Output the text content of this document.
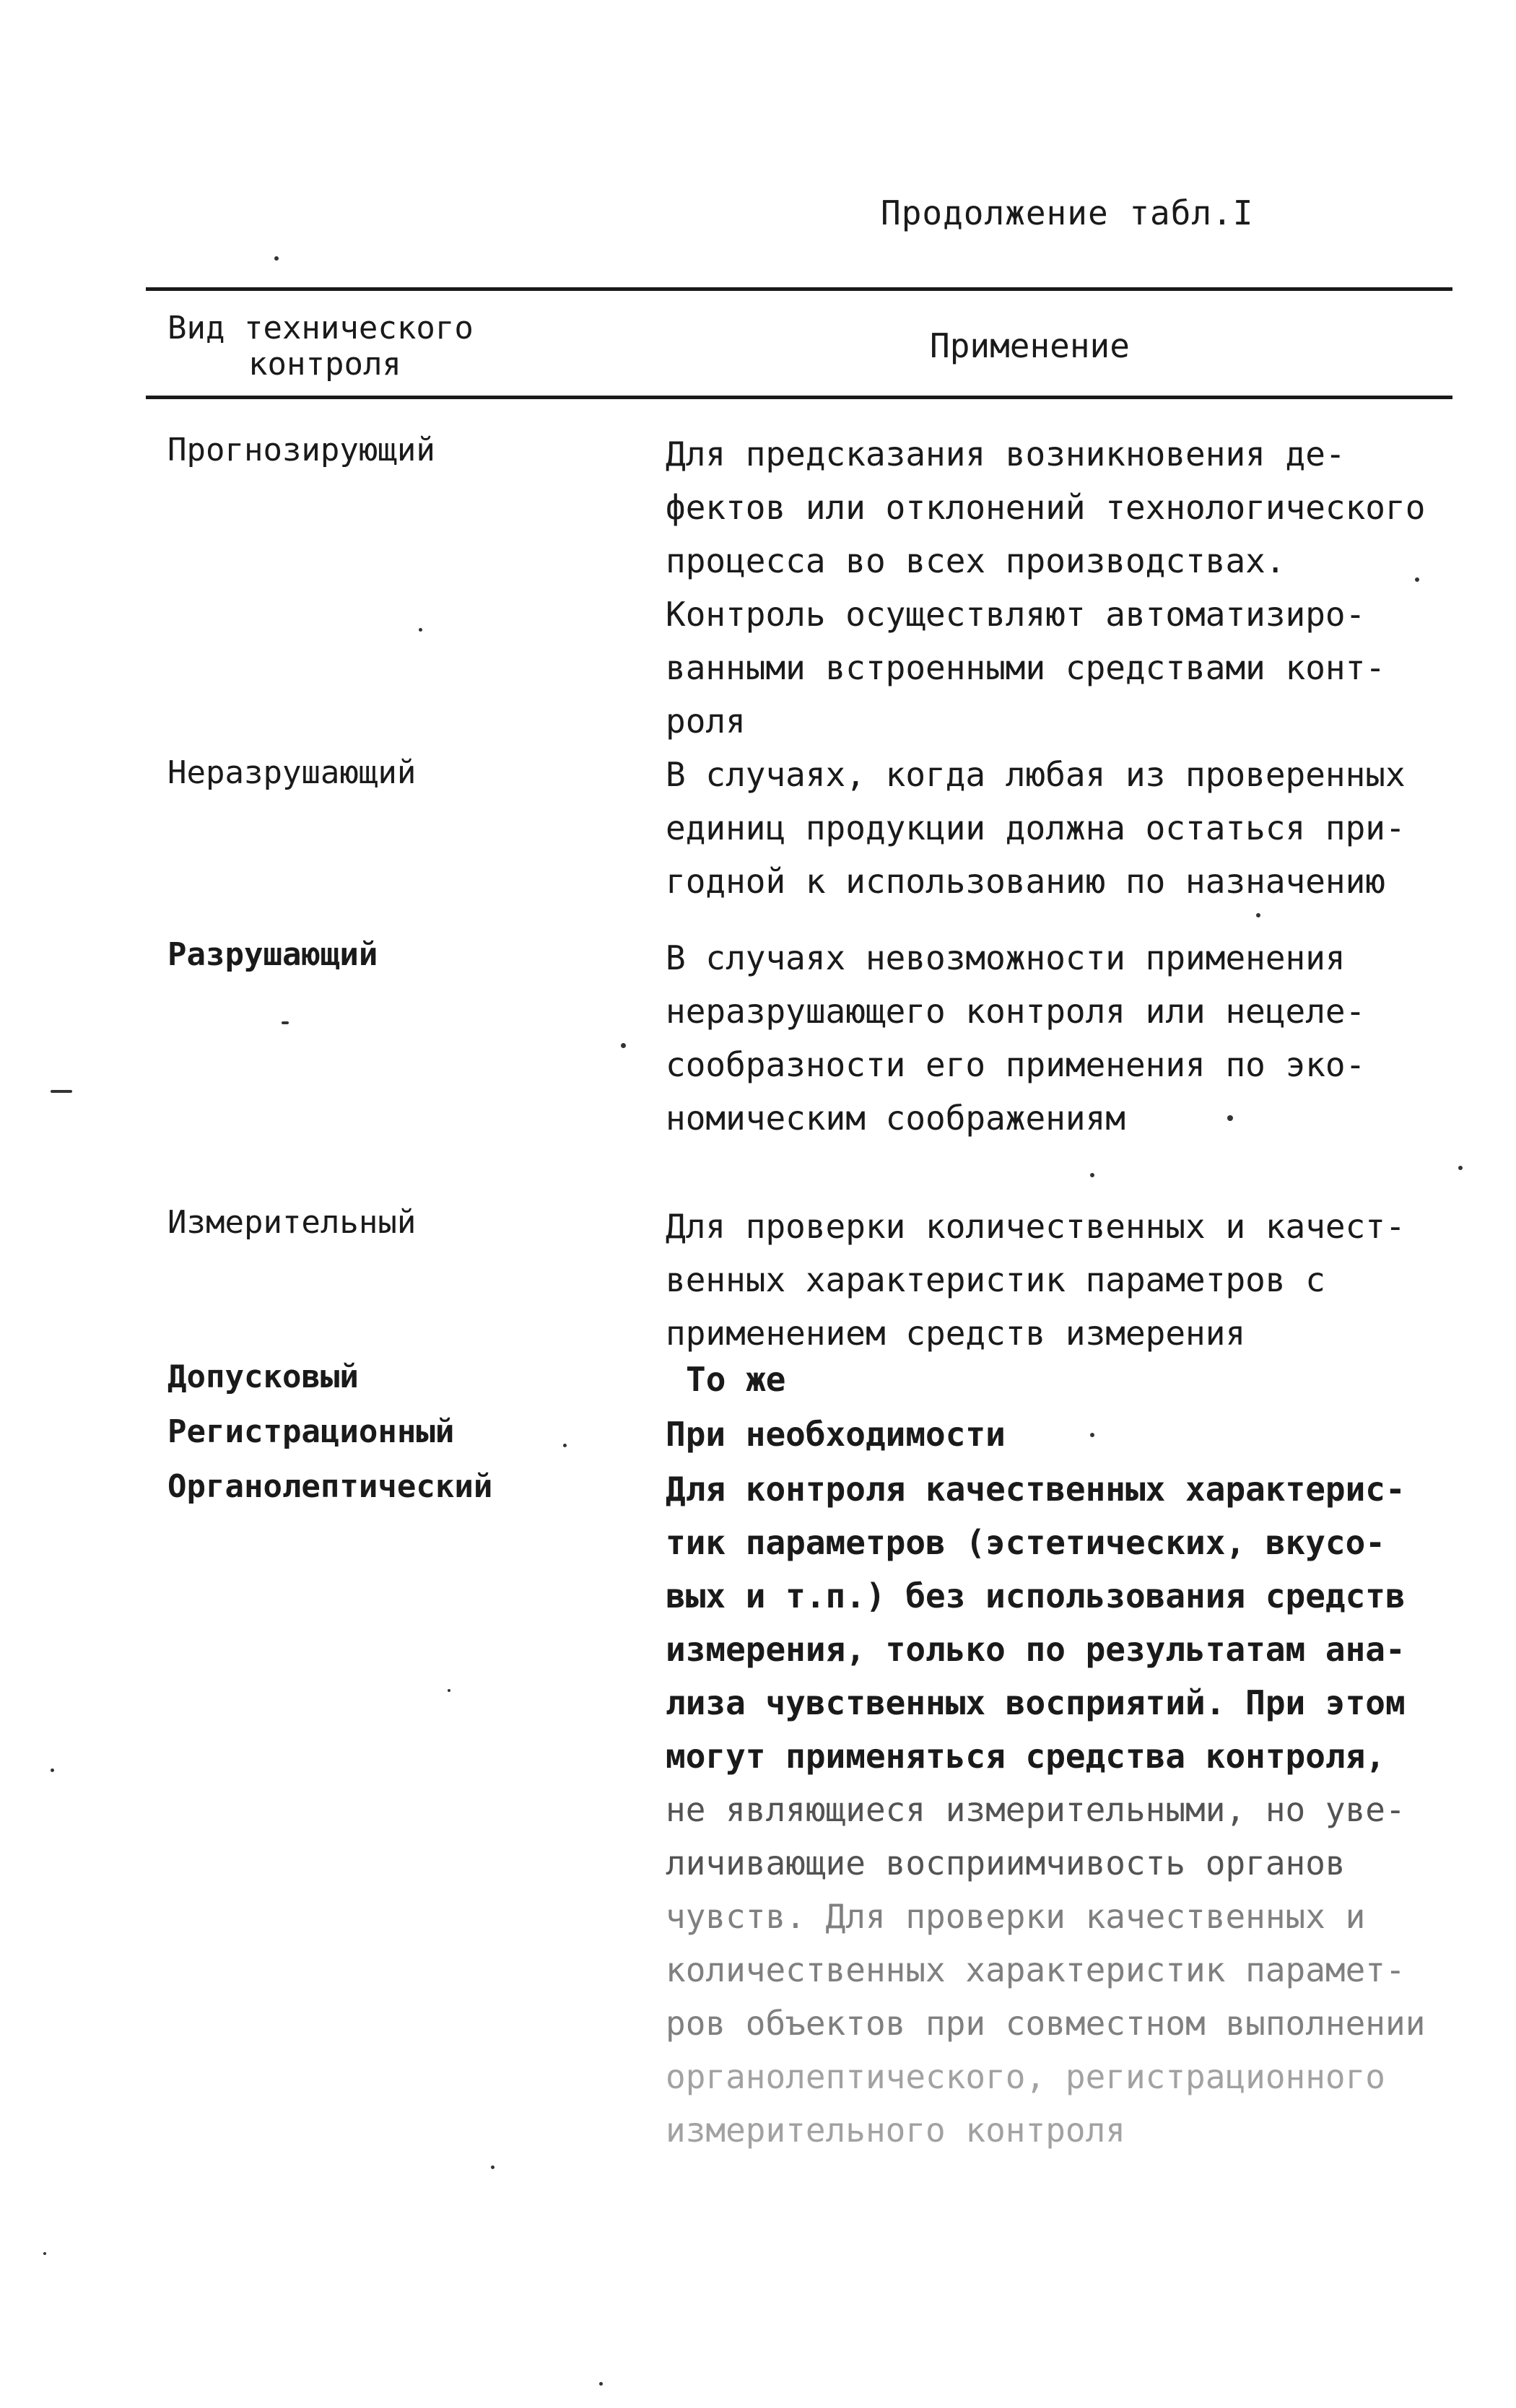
Продолжение табл.I
Вид технического
контроля	Применение
Прогнозирующий	Для предсказания возникновения де-
фектов или отклонений технологического
процесса во всех производствах.
Контроль осуществляют автоматизиро-
ванными встроенными средствами конт-
роля
Неразрушающий	В случаях, когда любая из проверенных
единиц продукции должна остаться при-
годной к использованию по назначению
Разрушающий	В случаях невозможности применения
неразрушающего контроля или нецеле-
сообразности его применения по эко-
номическим соображениям
Измерительный	Для проверки количественных и качест-
венных характеристик параметров с
применением средств измерения
Допусковый	То же
Регистрационный	При необходимости
Органолептический	Для контроля качественных характерис-
тик параметров (эстетических, вкусо-
вых и т.п.) без использования средств
измерения, только по результатам ана-
лиза чувственных восприятий. При этом
могут применяться средства контроля,
не являющиеся измерительными, но уве-
личивающие восприимчивость органов
чувств. Для проверки качественных и
количественных характеристик парамет-
ров объектов при совместном выполнении
органолептического, регистрационного
измерительного контроля
